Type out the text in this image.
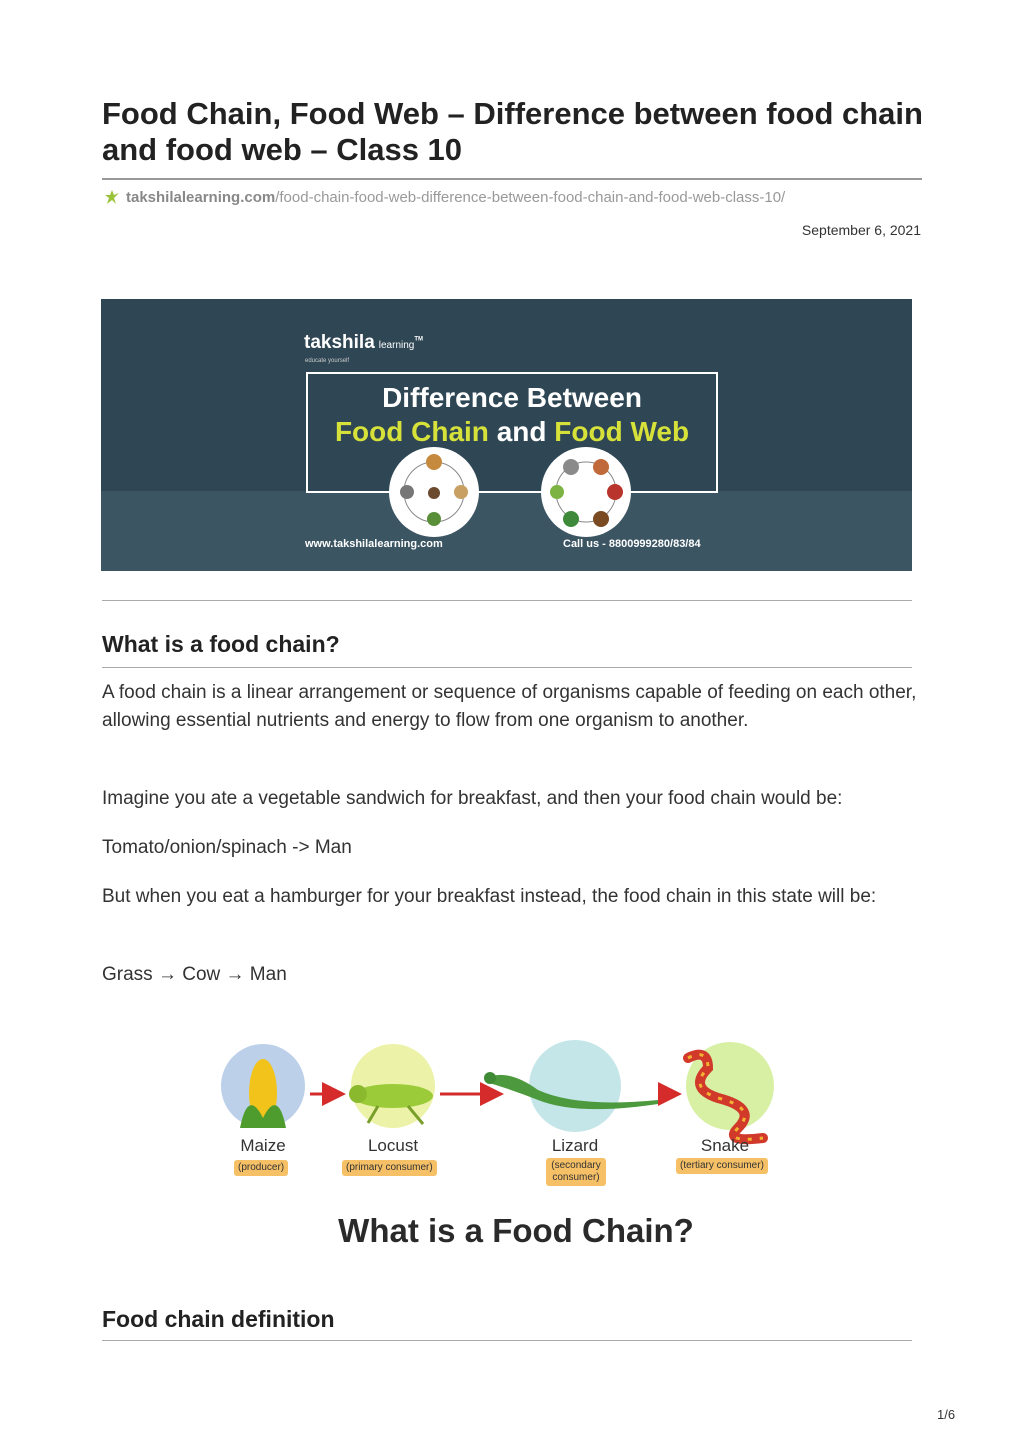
Food Chain, Food Web – Difference between food chain and food web – Class 10
takshilalearning.com/food-chain-food-web-difference-between-food-chain-and-food-web-class-10/
September 6, 2021
takshila learning™
educate yourself
Difference Between
Food Chain and Food Web
www.takshilalearning.com	Call us - 8800999280/83/84
What is a food chain?

A food chain is a linear arrangement or sequence of organisms capable of feeding on each other, allowing essential nutrients and energy to flow from one organism to another.

Imagine you ate a vegetable sandwich for breakfast, and then your food chain would be:

Tomato/onion/spinach -> Man

But when you eat a hamburger for your breakfast instead, the food chain in this state will be:

Grass → Cow → Man

Maize
(producer)
Locust
(primary consumer)
Lizard
(secondary consumer)
Snake
(tertiary consumer)
What is a Food Chain?
Food chain definition
1/6
